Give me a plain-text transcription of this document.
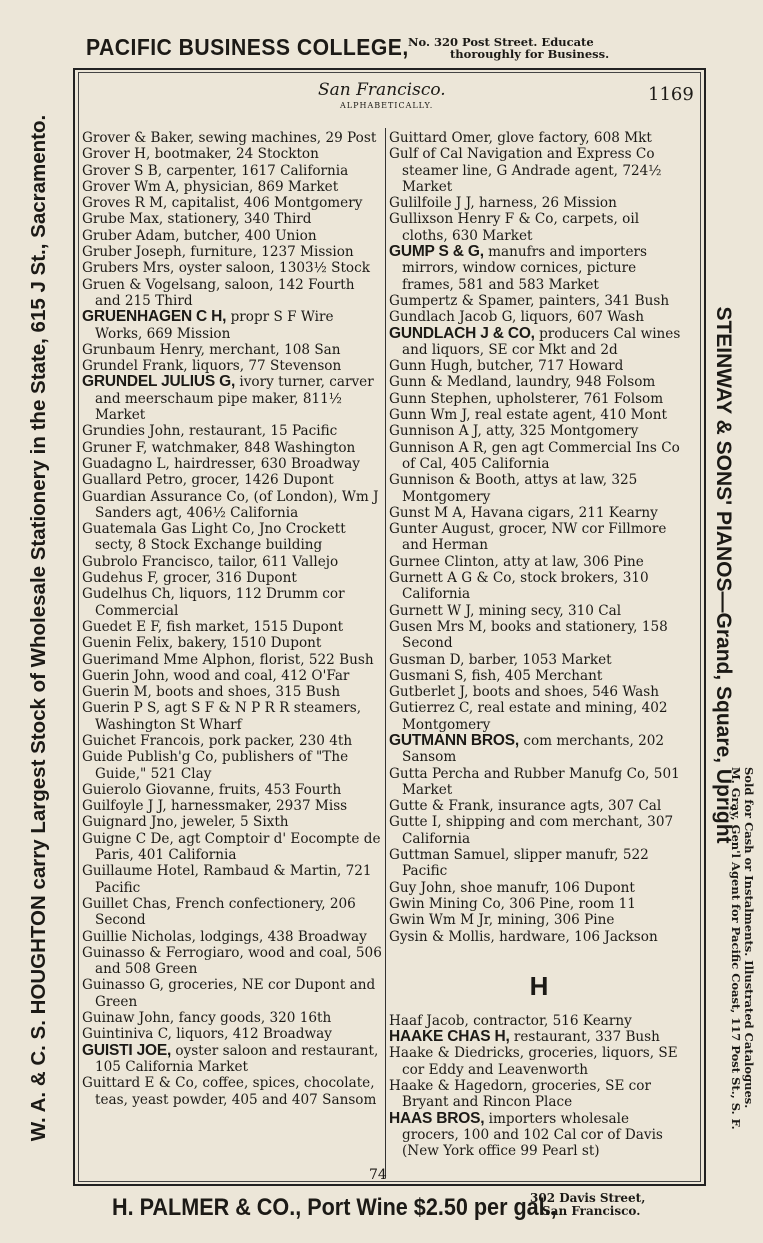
PACIFIC BUSINESS COLLEGE, No. 320 Post Street. Educate
thoroughly for Business.
San Francisco.
ALPHABETICALLY.
1169
W. A. & C. S. HOUGHTON carry Largest Stock of Wholesale Stationery in the State, 615 J St., Sacramento.	STEINWAY & SONS' PIANOS—Grand, Square, Upright
Sold for Cash or Instalments. Illustrated Catalogues.
M. Gray, Gen'l Agent for Pacific Coast, 117 Post St., S. F.
Grover & Baker, sewing machines, 29 Post
Grover H, bootmaker, 24 Stockton
Grover S B, carpenter, 1617 California
Grover Wm A, physician, 869 Market
Groves R M, capitalist, 406 Montgomery
Grube Max, stationery, 340 Third
Gruber Adam, butcher, 400 Union
Gruber Joseph, furniture, 1237 Mission
Grubers Mrs, oyster saloon, 1303½ Stock
Gruen & Vogelsang, saloon, 142 Fourth and 215 Third
GRUENHAGEN C H, propr S F Wire Works, 669 Mission
Grunbaum Henry, merchant, 108 San
Grundel Frank, liquors, 77 Stevenson
GRUNDEL JULIUS G, ivory turner, carver and meerschaum pipe maker, 811½ Market
Grundies John, restaurant, 15 Pacific
Gruner F, watchmaker, 848 Washington
Guadagno L, hairdresser, 630 Broadway
Guallard Petro, grocer, 1426 Dupont
Guardian Assurance Co, (of London), Wm J Sanders agt, 406½ California
Guatemala Gas Light Co, Jno Crockett secty, 8 Stock Exchange building
Gubrolo Francisco, tailor, 611 Vallejo
Gudehus F, grocer, 316 Dupont
Gudelhus Ch, liquors, 112 Drumm cor Commercial
Guedet E F, fish market, 1515 Dupont
Guenin Felix, bakery, 1510 Dupont
Guerimand Mme Alphon, florist, 522 Bush
Guerin John, wood and coal, 412 O'Far
Guerin M, boots and shoes, 315 Bush
Guerin P S, agt S F & N P R R steamers, Washington St Wharf
Guichet Francois, pork packer, 230 4th
Guide Publish'g Co, publishers of "The Guide," 521 Clay
Guierolo Giovanne, fruits, 453 Fourth
Guilfoyle J J, harnessmaker, 2937 Miss
Guignard Jno, jeweler, 5 Sixth
Guigne C De, agt Comptoir d' Eocompte de Paris, 401 California
Guillaume Hotel, Rambaud & Martin, 721 Pacific
Guillet Chas, French confectionery, 206 Second
Guillie Nicholas, lodgings, 438 Broadway
Guinasso & Ferrogiaro, wood and coal, 506 and 508 Green
Guinasso G, groceries, NE cor Dupont and Green
Guinaw John, fancy goods, 320 16th
Guintiniva C, liquors, 412 Broadway
GUISTI JOE, oyster saloon and restaurant, 105 California Market
Guittard E & Co, coffee, spices, chocolate, teas, yeast powder, 405 and 407 Sansom
Guittard Omer, glove factory, 608 Mkt
Gulf of Cal Navigation and Express Co steamer line, G Andrade agent, 724½ Market
Gulilfoile J J, harness, 26 Mission
Gullixson Henry F & Co, carpets, oil cloths, 630 Market
GUMP S & G, manufrs and importers mirrors, window cornices, picture frames, 581 and 583 Market
Gumpertz & Spamer, painters, 341 Bush
Gundlach Jacob G, liquors, 607 Wash
GUNDLACH J & CO, producers Cal wines and liquors, SE cor Mkt and 2d
Gunn Hugh, butcher, 717 Howard
Gunn & Medland, laundry, 948 Folsom
Gunn Stephen, upholsterer, 761 Folsom
Gunn Wm J, real estate agent, 410 Mont
Gunnison A J, atty, 325 Montgomery
Gunnison A R, gen agt Commercial Ins Co of Cal, 405 California
Gunnison & Booth, attys at law, 325 Montgomery
Gunst M A, Havana cigars, 211 Kearny
Gunter August, grocer, NW cor Fillmore and Herman
Gurnee Clinton, atty at law, 306 Pine
Gurnett A G & Co, stock brokers, 310 California
Gurnett W J, mining secy, 310 Cal
Gusen Mrs M, books and stationery, 158 Second
Gusman D, barber, 1053 Market
Gusmani S, fish, 405 Merchant
Gutberlet J, boots and shoes, 546 Wash
Gutierrez C, real estate and mining, 402 Montgomery
GUTMANN BROS, com merchants, 202 Sansom
Gutta Percha and Rubber Manufg Co, 501 Market
Gutte & Frank, insurance agts, 307 Cal
Gutte I, shipping and com merchant, 307 California
Guttman Samuel, slipper manufr, 522 Pacific
Guy John, shoe manufr, 106 Dupont
Gwin Mining Co, 306 Pine, room 11
Gwin Wm M Jr, mining, 306 Pine
Gysin & Mollis, hardware, 106 Jackson
H
Haaf Jacob, contractor, 516 Kearny
HAAKE CHAS H, restaurant, 337 Bush
Haake & Diedricks, groceries, liquors, SE cor Eddy and Leavenworth
Haake & Hagedorn, groceries, SE cor Bryant and Rincon Place
HAAS BROS, importers wholesale grocers, 100 and 102 Cal cor of Davis (New York office 99 Pearl st)
74
H. PALMER & CO., Port Wine $2.50 per gal.,
302 Davis Street,
San Francisco.
